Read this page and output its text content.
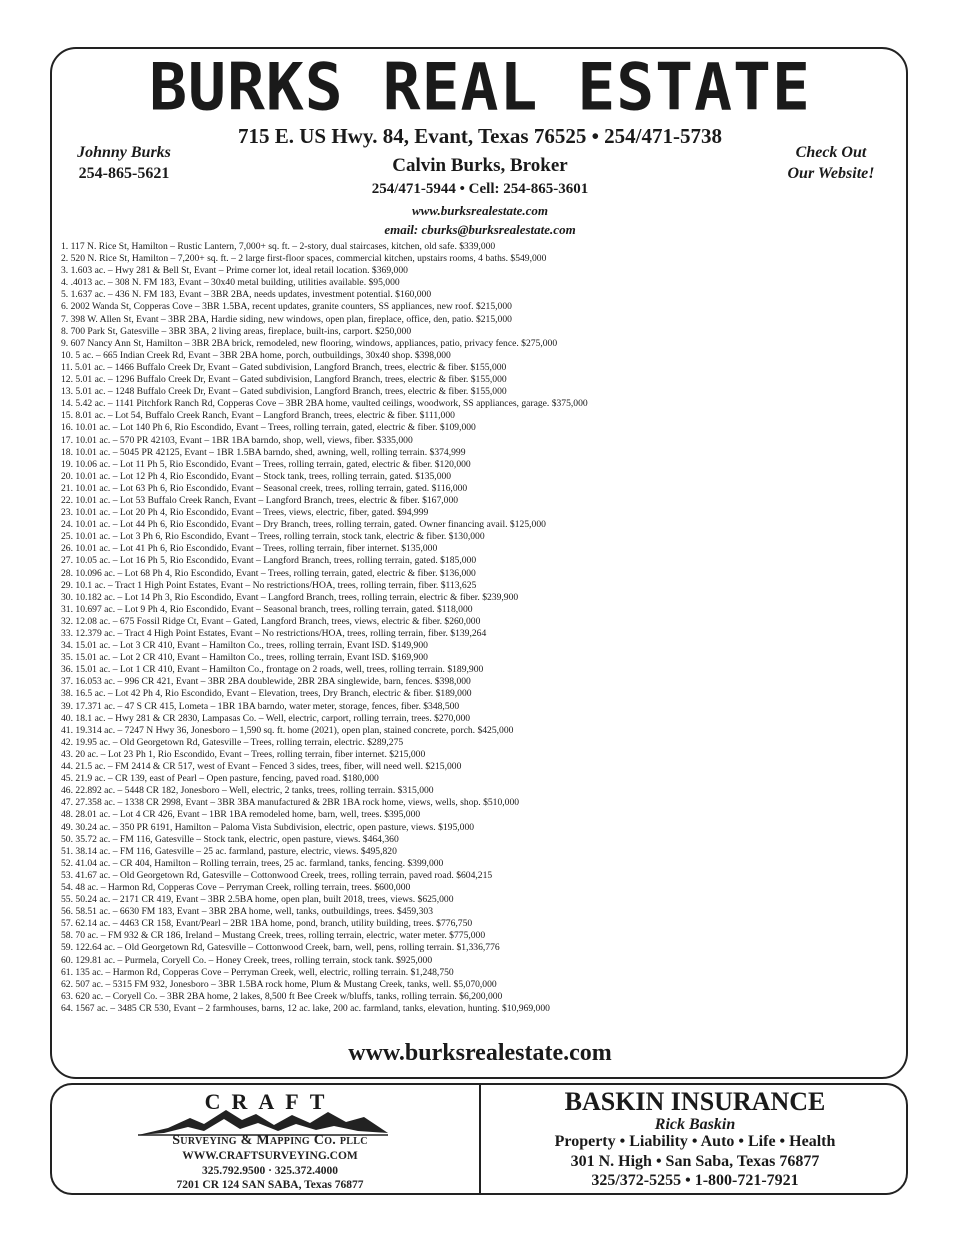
BURKS REAL ESTATE
715 E. US Hwy. 84, Evant, Texas 76525 • 254/471-5738
Calvin Burks, Broker
254/471-5944 • Cell: 254-865-3601
www.burksrealestate.com
email: cburks@burksrealestate.com
Johnny Burks
254-865-5621
Check Out
Our Website!
1. 117 N. Rice St, Hamilton – Rustic Lantern, 7,000+ sq. ft. – 2-story, dual staircases, kitchen, old safe. $339,000
2. 520 N. Rice St, Hamilton – 7,200+ sq. ft. – 2 large first-floor spaces, commercial kitchen, upstairs rooms, 4 baths. $549,000
3. 1.603 ac. – Hwy 281 & Bell St, Evant – Prime corner lot, ideal retail location. $369,000
4. .4013 ac. – 308 N. FM 183, Evant – 30x40 metal building, utilities available. $95,000
5. 1.637 ac. – 436 N. FM 183, Evant – 3BR 2BA, needs updates, investment potential. $160,000
6. 2002 Wanda St, Copperas Cove – 3BR 1.5BA, recent updates, granite counters, SS appliances, new roof. $215,000
7. 398 W. Allen St, Evant – 3BR 2BA, Hardie siding, new windows, open plan, fireplace, office, den, patio. $215,000
8. 700 Park St, Gatesville – 3BR 3BA, 2 living areas, fireplace, built-ins, carport. $250,000
9. 607 Nancy Ann St, Hamilton – 3BR 2BA brick, remodeled, new flooring, windows, appliances, patio, privacy fence. $275,000
10. 5 ac. – 665 Indian Creek Rd, Evant – 3BR 2BA home, porch, outbuildings, 30x40 shop. $398,000
11. 5.01 ac. – 1466 Buffalo Creek Dr, Evant – Gated subdivision, Langford Branch, trees, electric & fiber. $155,000
12. 5.01 ac. – 1296 Buffalo Creek Dr, Evant – Gated subdivision, Langford Branch, trees, electric & fiber. $155,000
13. 5.01 ac. – 1248 Buffalo Creek Dr, Evant – Gated subdivision, Langford Branch, trees, electric & fiber. $155,000
14. 5.42 ac. – 1141 Pitchfork Ranch Rd, Copperas Cove – 3BR 2BA home, vaulted ceilings, woodwork, SS appliances, garage. $375,000
15. 8.01 ac. – Lot 54, Buffalo Creek Ranch, Evant – Langford Branch, trees, electric & fiber. $111,000
16. 10.01 ac. – Lot 140 Ph 6, Rio Escondido, Evant – Trees, rolling terrain, gated, electric & fiber. $109,000
17. 10.01 ac. – 570 PR 42103, Evant – 1BR 1BA barndo, shop, well, views, fiber. $335,000
18. 10.01 ac. – 5045 PR 42125, Evant – 1BR 1.5BA barndo, shed, awning, well, rolling terrain. $374,999
19. 10.06 ac. – Lot 11 Ph 5, Rio Escondido, Evant – Trees, rolling terrain, gated, electric & fiber. $120,000
20. 10.01 ac. – Lot 12 Ph 4, Rio Escondido, Evant – Stock tank, trees, rolling terrain, gated. $135,000
21. 10.01 ac. – Lot 63 Ph 6, Rio Escondido, Evant – Seasonal creek, trees, rolling terrain, gated. $116,000
22. 10.01 ac. – Lot 53 Buffalo Creek Ranch, Evant – Langford Branch, trees, electric & fiber. $167,000
23. 10.01 ac. – Lot 20 Ph 4, Rio Escondido, Evant – Trees, views, electric, fiber, gated. $94,999
24. 10.01 ac. – Lot 44 Ph 6, Rio Escondido, Evant – Dry Branch, trees, rolling terrain, gated. Owner financing avail. $125,000
25. 10.01 ac. – Lot 3 Ph 6, Rio Escondido, Evant – Trees, rolling terrain, stock tank, electric & fiber. $130,000
26. 10.01 ac. – Lot 41 Ph 6, Rio Escondido, Evant – Trees, rolling terrain, fiber internet. $135,000
27. 10.05 ac. – Lot 16 Ph 5, Rio Escondido, Evant – Langford Branch, trees, rolling terrain, gated. $185,000
28. 10.096 ac. – Lot 68 Ph 4, Rio Escondido, Evant – Trees, rolling terrain, gated, electric & fiber. $136,000
29. 10.1 ac. – Tract 1 High Point Estates, Evant – No restrictions/HOA, trees, rolling terrain, fiber. $113,625
30. 10.182 ac. – Lot 14 Ph 3, Rio Escondido, Evant – Langford Branch, trees, rolling terrain, electric & fiber. $239,900
31. 10.697 ac. – Lot 9 Ph 4, Rio Escondido, Evant – Seasonal branch, trees, rolling terrain, gated. $118,000
32. 12.08 ac. – 675 Fossil Ridge Ct, Evant – Gated, Langford Branch, trees, views, electric & fiber. $260,000
33. 12.379 ac. – Tract 4 High Point Estates, Evant – No restrictions/HOA, trees, rolling terrain, fiber. $139,264
34. 15.01 ac. – Lot 3 CR 410, Evant – Hamilton Co., trees, rolling terrain, Evant ISD. $149,900
35. 15.01 ac. – Lot 2 CR 410, Evant – Hamilton Co., trees, rolling terrain, Evant ISD. $169,900
36. 15.01 ac. – Lot 1 CR 410, Evant – Hamilton Co., frontage on 2 roads, well, trees, rolling terrain. $189,900
37. 16.053 ac. – 996 CR 421, Evant – 3BR 2BA doublewide, 2BR 2BA singlewide, barn, fences. $398,000
38. 16.5 ac. – Lot 42 Ph 4, Rio Escondido, Evant – Elevation, trees, Dry Branch, electric & fiber. $189,000
39. 17.371 ac. – 47 S CR 415, Lometa – 1BR 1BA barndo, water meter, storage, fences, fiber. $348,500
40. 18.1 ac. – Hwy 281 & CR 2830, Lampasas Co. – Well, electric, carport, rolling terrain, trees. $270,000
41. 19.314 ac. – 7247 N Hwy 36, Jonesboro – 1,590 sq. ft. home (2021), open plan, stained concrete, porch. $425,000
42. 19.95 ac. – Old Georgetown Rd, Gatesville – Trees, rolling terrain, electric. $289,275
43. 20 ac. – Lot 23 Ph 1, Rio Escondido, Evant – Trees, rolling terrain, fiber internet. $215,000
44. 21.5 ac. – FM 2414 & CR 517, west of Evant – Fenced 3 sides, trees, fiber, will need well. $215,000
45. 21.9 ac. – CR 139, east of Pearl – Open pasture, fencing, paved road. $180,000
46. 22.892 ac. – 5448 CR 182, Jonesboro – Well, electric, 2 tanks, trees, rolling terrain. $315,000
47. 27.358 ac. – 1338 CR 2998, Evant – 3BR 3BA manufactured & 2BR 1BA rock home, views, wells, shop. $510,000
48. 28.01 ac. – Lot 4 CR 426, Evant – 1BR 1BA remodeled home, barn, well, trees. $395,000
49. 30.24 ac. – 350 PR 6191, Hamilton – Paloma Vista Subdivision, electric, open pasture, views. $195,000
50. 35.72 ac. – FM 116, Gatesville – Stock tank, electric, open pasture, views. $464,360
51. 38.14 ac. – FM 116, Gatesville – 25 ac. farmland, pasture, electric, views. $495,820
52. 41.04 ac. – CR 404, Hamilton – Rolling terrain, trees, 25 ac. farmland, tanks, fencing. $399,000
53. 41.67 ac. – Old Georgetown Rd, Gatesville – Cottonwood Creek, trees, rolling terrain, paved road. $604,215
54. 48 ac. – Harmon Rd, Copperas Cove – Perryman Creek, rolling terrain, trees. $600,000
55. 50.24 ac. – 2171 CR 419, Evant – 3BR 2.5BA home, open plan, built 2018, trees, views. $625,000
56. 58.51 ac. – 6630 FM 183, Evant – 3BR 2BA home, well, tanks, outbuildings, trees. $459,303
57. 62.14 ac. – 4463 CR 158, Evant/Pearl – 2BR 1BA home, pond, branch, utility building, trees. $776,750
58. 70 ac. – FM 932 & CR 186, Ireland – Mustang Creek, trees, rolling terrain, electric, water meter. $775,000
59. 122.64 ac. – Old Georgetown Rd, Gatesville – Cottonwood Creek, barn, well, pens, rolling terrain. $1,336,776
60. 129.81 ac. – Purmela, Coryell Co. – Honey Creek, trees, rolling terrain, stock tank. $925,000
61. 135 ac. – Harmon Rd, Copperas Cove – Perryman Creek, well, electric, rolling terrain. $1,248,750
62. 507 ac. – 5315 FM 932, Jonesboro – 3BR 1.5BA rock home, Plum & Mustang Creek, tanks, well. $5,070,000
63. 620 ac. – Coryell Co. – 3BR 2BA home, 2 lakes, 8,500 ft Bee Creek w/bluffs, tanks, rolling terrain. $6,200,000
64. 1567 ac. – 3485 CR 530, Evant – 2 farmhouses, barns, 12 ac. lake, 200 ac. farmland, tanks, elevation, hunting. $10,969,000
www.burksrealestate.com
CRAFT
Surveying & Mapping Co. pllc
WWW.CRAFTSURVEYING.COM
325.792.9500 · 325.372.4000
7201 CR 124 SAN SABA, Texas 76877
BASKIN INSURANCE
Rick Baskin
Property • Liability • Auto • Life • Health
301 N. High • San Saba, Texas 76877
325/372-5255 • 1-800-721-7921
